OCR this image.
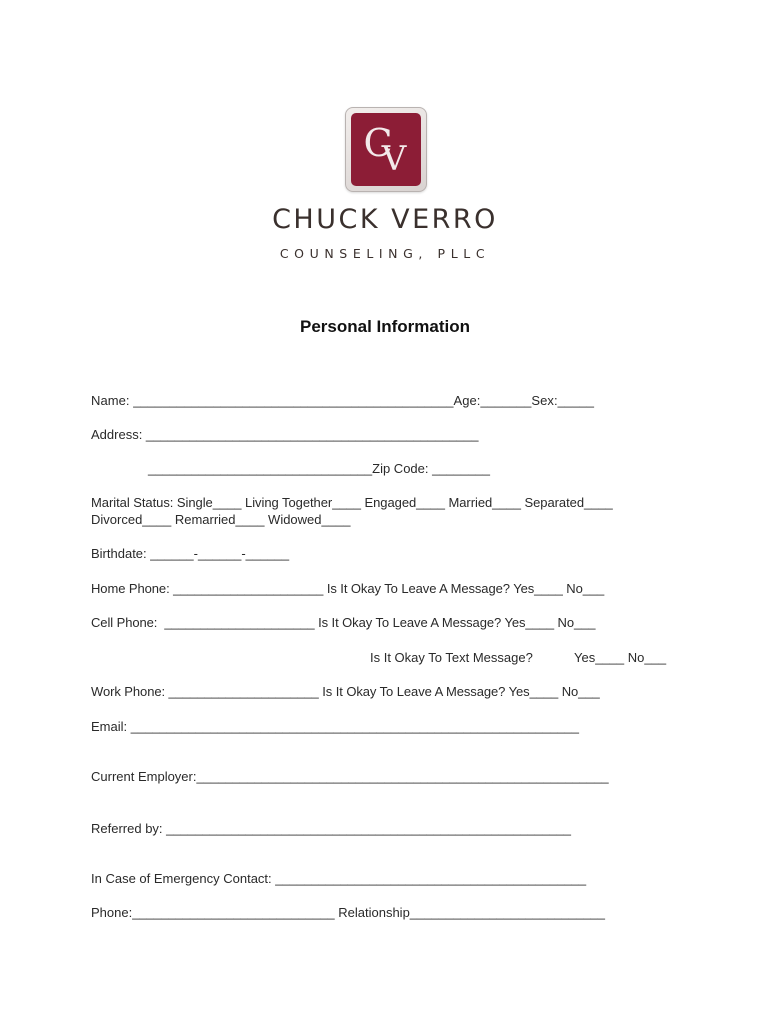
C
V
CHUCK VERRO
COUNSELING, PLLC
Personal Information
Name: ____________________________________________Age:_______Sex:_____
Address: ______________________________________________
_______________________________Zip Code: ________
Marital Status: Single____ Living Together____ Engaged____ Married____ Separated____
Divorced____ Remarried____ Widowed____
Birthdate: ______-______-______
Home Phone: _____________________ Is It Okay To Leave A Message? Yes____ No___
Cell Phone:  _____________________ Is It Okay To Leave A Message? Yes____ No___
Is It Okay To Text Message?	Yes____ No___
Work Phone: _____________________ Is It Okay To Leave A Message? Yes____ No___
Email: ______________________________________________________________
Current Employer:_________________________________________________________
Referred by: ________________________________________________________
In Case of Emergency Contact: ___________________________________________
Phone:____________________________ Relationship___________________________
